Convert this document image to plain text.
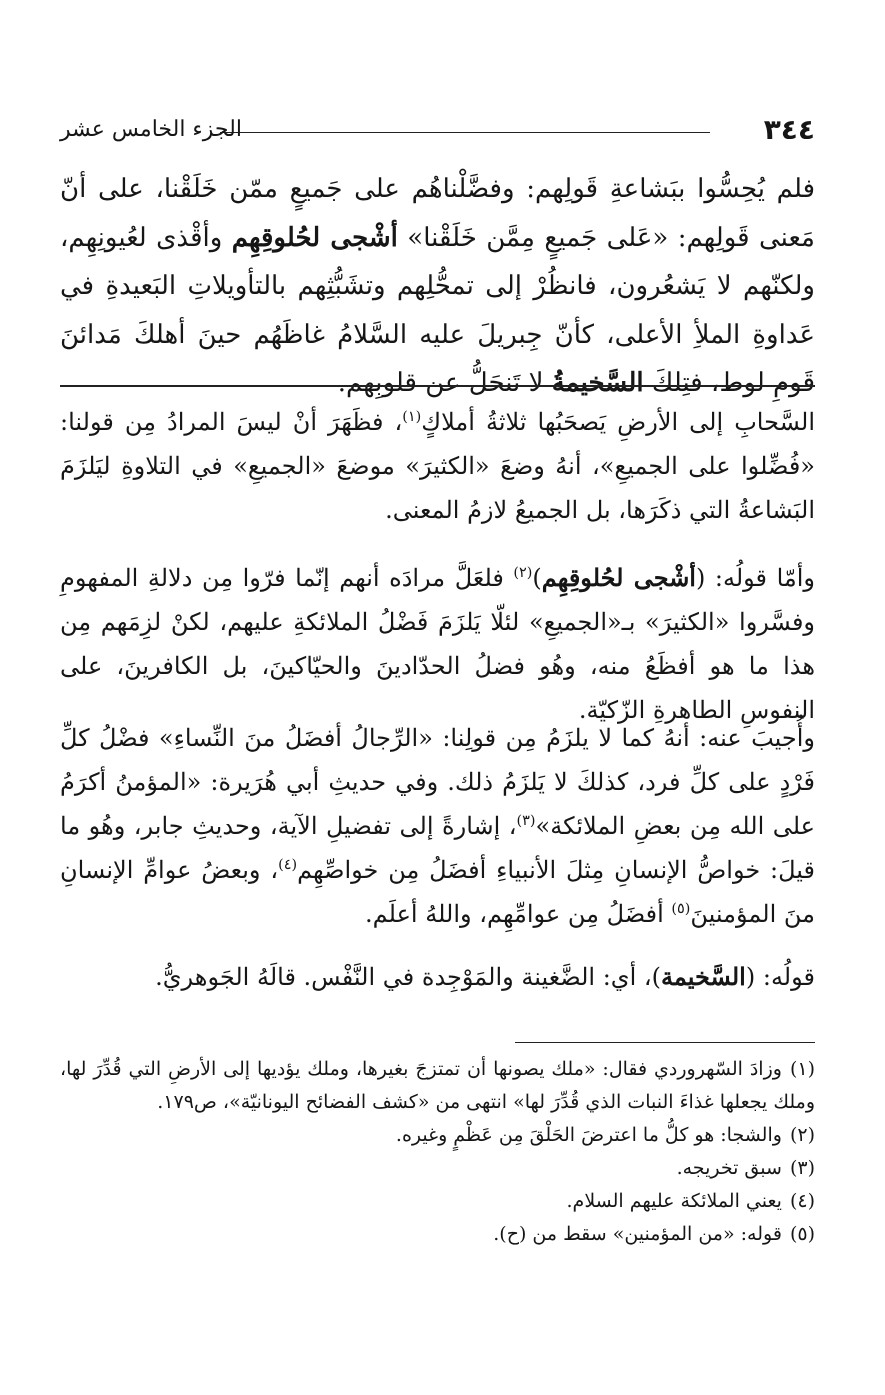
٣٤٤
الجزء الخامس عشر

فلم يُحِسُّوا ببَشاعةِ قَولِهم: وفضَّلْناهُم على جَميعٍ ممّن خَلَقْنا، على أنّ مَعنى قَولِهم: «عَلى جَميعٍ مِمَّن خَلَقْنا» أشْجى لحُلوقِهِم وأقْذى لعُيونِهِم، ولكنّهم لا يَشعُرون، فانظُرْ إلى تمحُّلِهم وتشَبُّثِهم بالتأويلاتِ البَعيدةِ في عَداوةِ الملأِ الأعلى، كأنّ جِبريلَ عليه السَّلامُ غاظَهُم حينَ أهلكَ مَدائنَ قَومِ لوط، فتِلكَ السَّخيمةُ لا تَنحَلُّ عن قلوبِهم.

السَّحابِ إلى الأرضِ يَصحَبُها ثلاثةُ أملاكٍ$^{(١)}$، فظَهَرَ أنْ ليسَ المرادُ مِن قولنا: «فُضِّلوا على الجميعِ»، أنهُ وضعَ «الكثيرَ» موضعَ «الجميعِ» في التلاوةِ ليَلزَمَ البَشاعةُ التي ذكَرَها، بل الجميعُ لازمُ المعنى.

وأمّا قولُه: (أشْجى لحُلوقِهِم)$^{(٢)}$ فلعَلَّ مرادَه أنهم إنّما فرّوا مِن دلالةِ المفهومِ وفسَّروا «الكثيرَ» بـ«الجميعِ» لئلّا يَلزَمَ فَضْلُ الملائكةِ عليهم، لكنْ لزِمَهم مِن هذا ما هو أفظَعُ منه، وهُو فضلُ الحدّادينَ والحيّاكينَ، بل الكافرينَ، على النفوسِ الطاهرةِ الزّكيّة.

وأُجيبَ عنه: أنهُ كما لا يلزَمُ مِن قولِنا: «الرِّجالُ أفضَلُ منَ النِّساءِ» فضْلُ كلِّ فَرْدٍ على كلِّ فرد، كذلكَ لا يَلزَمُ ذلك. وفي حديثِ أبي هُرَيرة: «المؤمنُ أكرَمُ على الله مِن بعضِ الملائكة»$^{(٣)}$، إشارةً إلى تفضيلِ الآية، وحديثِ جابر، وهُو ما قيلَ: خواصُّ الإنسانِ مِثلَ الأنبياءِ أفضَلُ مِن خواصِّهِم$^{(٤)}$، وبعضُ عوامِّ الإنسانِ منَ المؤمنينَ$^{(٥)}$ أفضَلُ مِن عوامِّهِم، واللهُ أعلَم.

قولُه: (السَّخيمة)، أي: الضَّغينة والمَوْجِدة في النَّفْس. قالَهُ الجَوهريُّ.

(١)وزادَ السّهروردي فقال: «ملك يصونها أن تمتزجَ بغيرها، وملك يؤديها إلى الأرضِ التي قُدِّرَ لها، وملك يجعلها غذاءَ النبات الذي قُدِّرَ لها» انتهى من «كشف الفضائح اليونانيّة»، ص١٧٩.

(٢)والشجا: هو كلُّ ما اعترضَ الحَلْقَ مِن عَظْمٍ وغيره.

(٣)سبق تخريجه.

(٤)يعني الملائكة عليهم السلام.

(٥)قوله: «من المؤمنين» سقط من (ح).
